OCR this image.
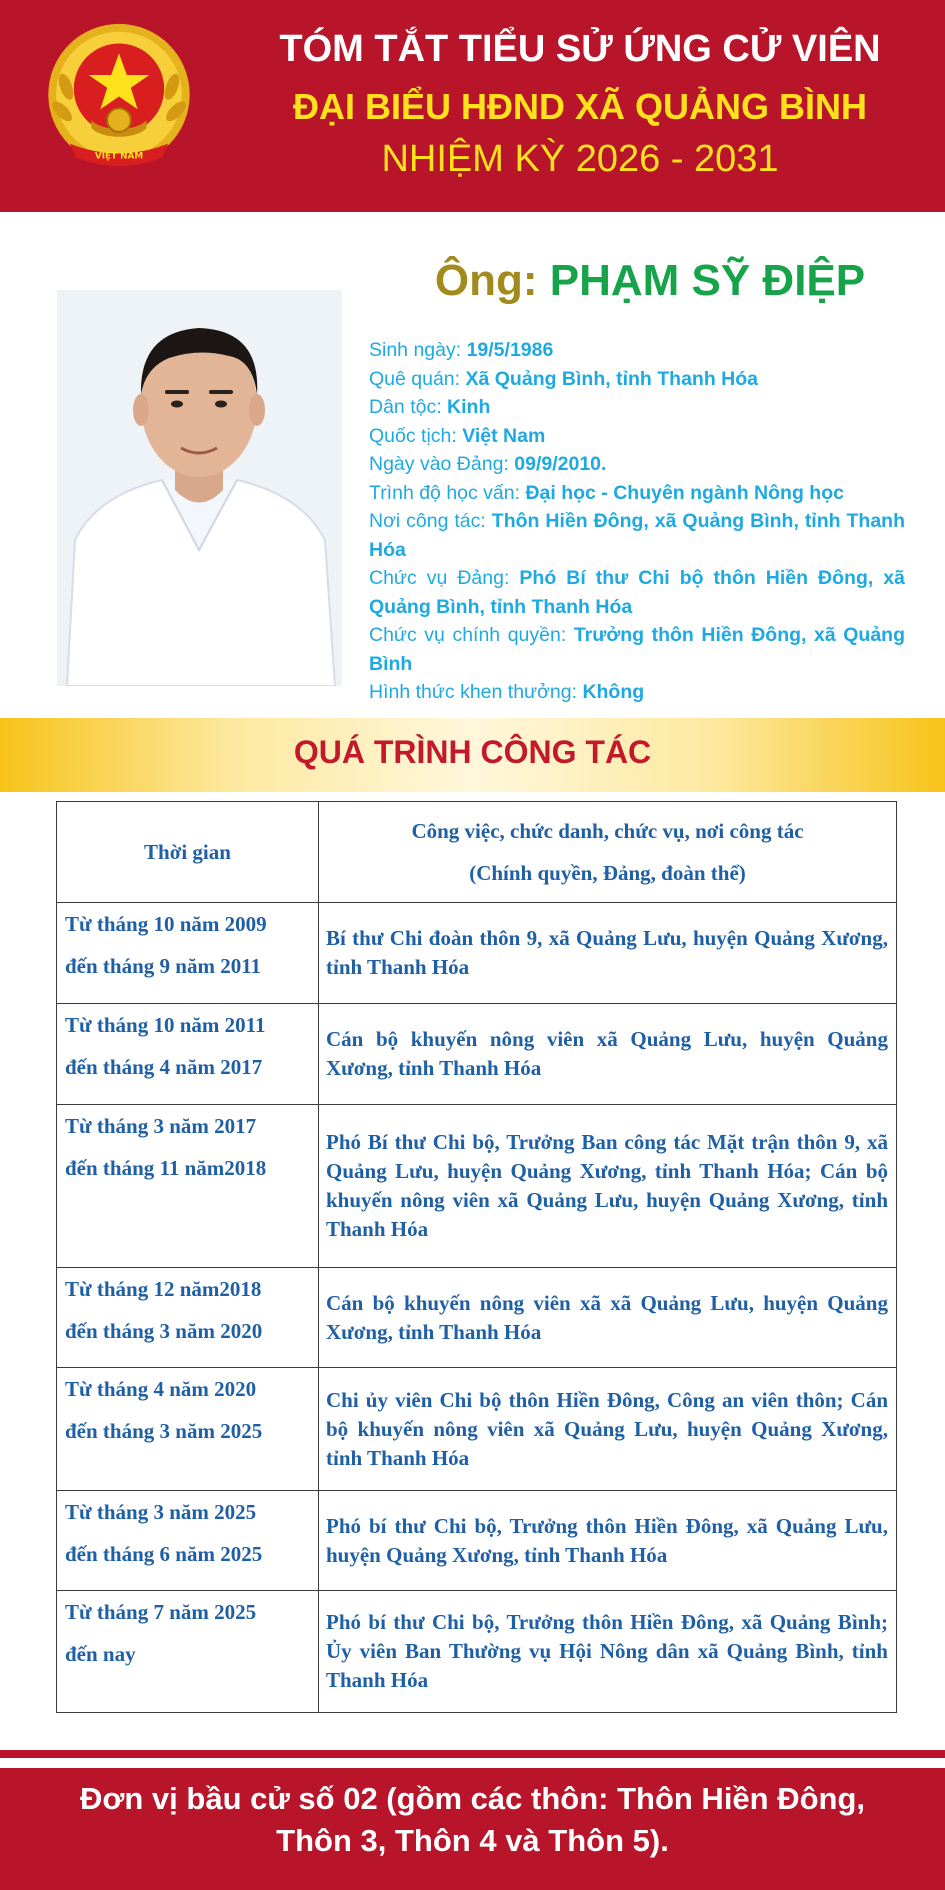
VIỆT NAM
TÓM TẮT TIỂU SỬ ỨNG CỬ VIÊN
ĐẠI BIỂU HĐND XÃ QUẢNG BÌNH
NHIỆM KỲ 2026 - 2031
Ông: PHẠM SỸ ĐIỆP
Sinh ngày: 19/5/1986
Quê quán: Xã Quảng Bình, tỉnh Thanh Hóa
Dân tộc: Kinh
Quốc tịch: Việt Nam
Ngày vào Đảng: 09/9/2010.
Trình độ học vấn: Đại học - Chuyên ngành Nông học
Nơi công tác: Thôn Hiền Đông, xã Quảng Bình, tỉnh Thanh Hóa
Chức vụ Đảng: Phó Bí thư Chi bộ thôn Hiền Đông, xã Quảng Bình, tỉnh Thanh Hóa
Chức vụ chính quyền: Trưởng thôn Hiền Đông, xã Quảng Bình
Hình thức khen thưởng: Không
QUÁ TRÌNH CÔNG TÁC
Thời gian	Công việc, chức danh, chức vụ, nơi công tác
(Chính quyền, Đảng, đoàn thể)

Từ tháng 10 năm 2009
đến tháng 9 năm 2011	Bí thư Chi đoàn thôn 9, xã Quảng Lưu, huyện Quảng Xương, tỉnh Thanh Hóa

Từ tháng 10 năm 2011
đến tháng 4 năm 2017	Cán bộ khuyến nông viên xã Quảng Lưu, huyện Quảng Xương, tỉnh Thanh Hóa

Từ tháng 3 năm 2017
đến tháng 11 năm2018	Phó Bí thư Chi bộ, Trưởng Ban công tác Mặt trận thôn 9, xã Quảng Lưu, huyện Quảng Xương, tỉnh Thanh Hóa; Cán bộ khuyến nông viên xã Quảng Lưu, huyện Quảng Xương, tỉnh Thanh Hóa

Từ tháng 12 năm2018
đến tháng 3 năm 2020	Cán bộ khuyến nông viên xã xã Quảng Lưu, huyện Quảng Xương, tỉnh Thanh Hóa

Từ tháng 4 năm 2020
đến tháng 3 năm 2025	Chi ủy viên Chi bộ thôn Hiền Đông, Công an viên thôn; Cán bộ khuyến nông viên xã Quảng Lưu, huyện Quảng Xương, tỉnh Thanh Hóa

Từ tháng 3 năm 2025
đến tháng 6 năm 2025	Phó bí thư Chi bộ, Trưởng thôn Hiền Đông, xã Quảng Lưu, huyện Quảng Xương, tỉnh Thanh Hóa

Từ tháng 7 năm 2025
đến nay	Phó bí thư Chi bộ, Trưởng thôn Hiền Đông, xã Quảng Bình; Ủy viên Ban Thường vụ Hội Nông dân xã Quảng Bình, tỉnh Thanh Hóa
Đơn vị bầu cử số 02 (gồm các thôn: Thôn Hiền Đông,
Thôn 3, Thôn 4 và Thôn 5).
